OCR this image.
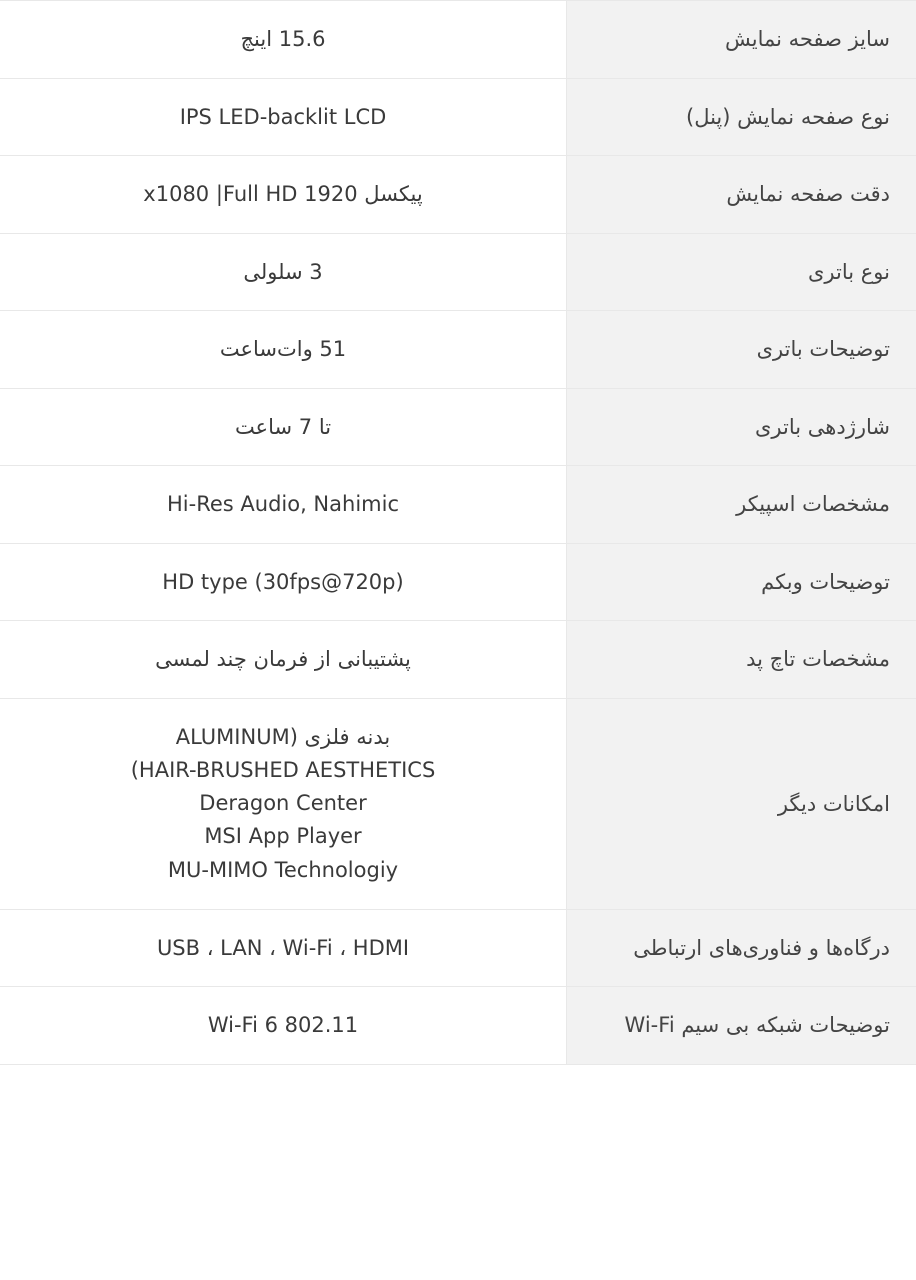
سایز صفحه نمایش	15.6 اینچ

نوع صفحه نمایش (پنل)	IPS LED-backlit LCD

دقت صفحه نمایش	پیکسل 1920 x1080 |Full HD

نوع باتری	3 سلولی

توضیحات باتری	51 وات‌ساعت

شارژدهی باتری	تا 7 ساعت

مشخصات اسپیکر	Hi-Res Audio, Nahimic

توضیحات وبکم	HD type (30fps@720p)

مشخصات تاچ پد	پشتیبانی از فرمان چند لمسی

امکانات دیگر	بدنه فلزی (ALUMINUM
HAIR-BRUSHED AESTHETICS)
Deragon Center
MSI App Player
MU-MIMO Technologiy

درگاه‌ها و فناوری‌های ارتباطی	USB ، LAN ، Wi-Fi ، HDMI

توضیحات شبکه بی سیم Wi-Fi	802.11 Wi-Fi 6
